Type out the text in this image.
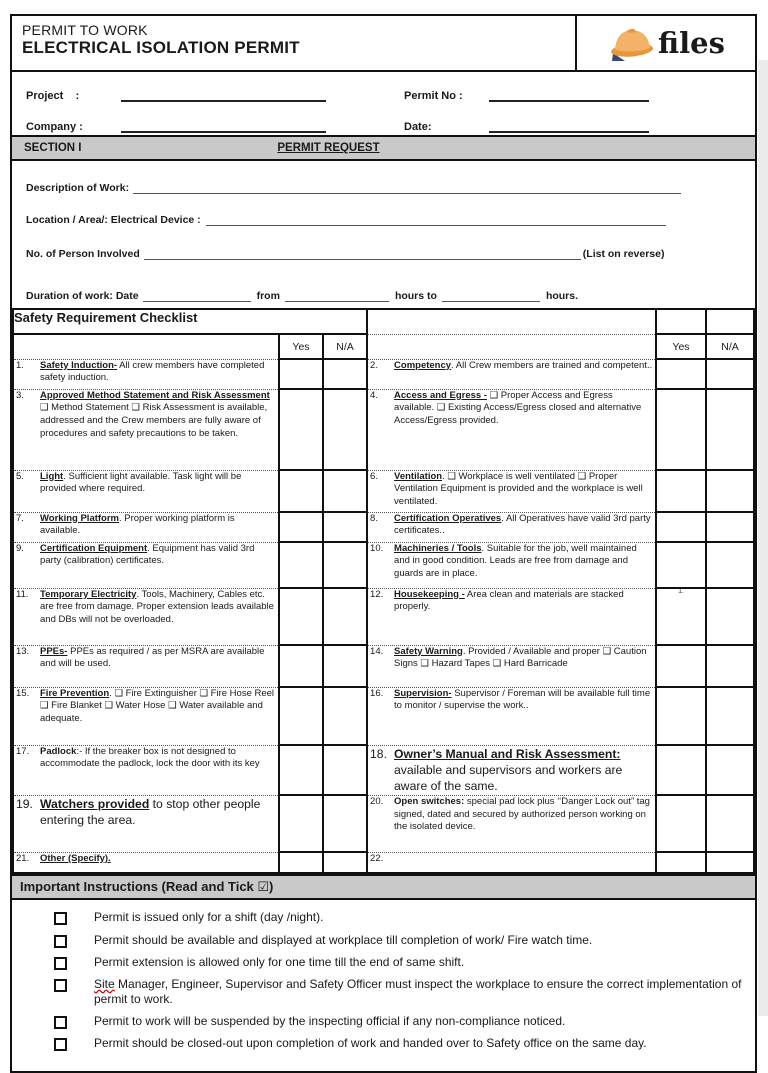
PERMIT TO WORK
ELECTRICAL ISOLATION PERMIT	files
Project    :	Permit No :
Company :	Date:
SECTION I	PERMIT REQUEST
Description of Work:
Location / Area/: Electrical Device :
No. of Person Involved	(List on reverse)
Duration of work: Date	from	hours to	hours.
Safety Requirement Checklist					
	Yes	N/A		Yes	N/A

1. Safety Induction- All crew members have completed safety induction.			2. Competency. All Crew members are trained and competent..		

3. Approved Method Statement and Risk Assessment ❑ Method Statement ❑ Risk Assessment is available, addressed and the Crew members are fully aware of procedures and safety precautions to be taken.			4. Access and Egress - ❑ Proper Access and Egress available. ❑ Existing Access/Egress closed and alternative Access/Egress provided.		

5. Light. Sufficient light available. Task light will be provided where required.			6. Ventilation. ❑ Workplace is well ventilated ❑ Proper Ventilation Equipment is provided and the workplace is well ventilated.		

7. Working Platform. Proper working platform is available.			8. Certification Operatives. All Operatives have valid 3rd party certificates..		

9. Certification Equipment. Equipment has valid 3rd party (calibration) certificates.			10. Machineries / Tools. Suitable for the job, well maintained and in good condition. Leads are free from damage and guards are in place.		

11. Temporary Electricity. Tools, Machinery, Cables etc. are free from damage. Proper extension leads available and DBs will not be overloaded.			12. Housekeeping - Area clean and materials are stacked properly.	1.	

13. PPEs- PPEs as required / as per MSRA are available and will be used.			14. Safety Warning. Provided / Available and proper ❑ Caution Signs ❑ Hazard Tapes ❑ Hard Barricade		

15. Fire Prevention. ❑ Fire Extinguisher ❑ Fire Hose Reel ❑ Fire Blanket ❑ Water Hose ❑ Water available and adequate.			16. Supervision- Supervisor / Foreman will be available full time to monitor / supervise the work..		

17. Padlock:- If the breaker box is not designed to accommodate the padlock, lock the door with its key			18. Owner’s Manual and Risk Assessment: available and supervisors and workers are aware of the same.		

19. Watchers provided to stop other people entering the area.			20. Open switches: special pad lock plus ‘‘Danger Lock out” tag signed, dated and secured by authorized person working on the isolated device.		

21. Other (Specify).			22.		

Important Instructions (Read and Tick ☑)
Permit is issued only for a shift (day /night).
Permit should be available and displayed at workplace till completion of work/ Fire watch time.
Permit extension is allowed only for one time till the end of same shift.
Site Manager, Engineer, Supervisor and Safety Officer must inspect the workplace to ensure the correct implementation of permit to work.
Permit to work will be suspended by the inspecting official if any non-compliance noticed.
Permit should be closed-out upon completion of work and handed over to Safety office on the same day.
